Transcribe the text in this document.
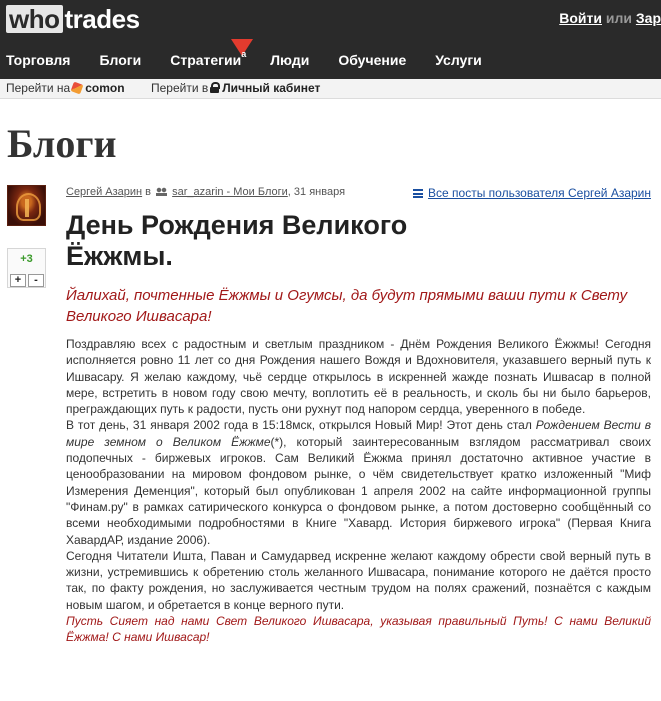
who trades	Войти или Зар
Торговля	Блоги	Стратегии a	Люди	Обучение	Услуги
Перейти на comon Перейти в Личный кабинет
Блоги
+3
+	-
Сергей Азарин в sar_azarin - Мои Блоги, 31 января	Все посты пользователя Сергей Азарин
День Рождения Великого Ёжжмы.
Йалихай, почтенные Ёжжмы и Огумсы, да будут прямыми ваши пути к Свету Великого Ишвасара!

Поздравляю всех с радостным и светлым праздником - Днём Рождения Великого Ёжжмы! Сегодня исполняется ровно 11 лет со дня Рождения нашего Вождя и Вдохновителя, указавшего верный путь к Ишвасару. Я желаю каждому, чьё сердце открылось в искренней жажде познать Ишвасар в полной мере, встретить в новом году свою мечту, воплотить её в реальность, и сколь бы ни было барьеров, преграждающих путь к радости, пусть они рухнут под напором сердца, уверенного в победе.

В тот день, 31 января 2002 года в 15:18мск, открылся Новый Мир! Этот день стал Рождением Вести в мире земном о Великом Ёжжме(*), который заинтересованным взглядом рассматривал своих подопечных - биржевых игроков. Сам Великий Ёжжма принял достаточно активное участие в ценообразовании на мировом фондовом рынке, о чём свидетельствует кратко изложенный "Миф Измерения Деменция", который был опубликован 1 апреля 2002 на сайте информационной группы "Финам.ру" в рамках сатирического конкурса о фондовом рынке, а потом достоверно сообщённый со всеми необходимыми подробностями в Книге "Хавард. История биржевого игрока" (Первая Книга ХавардАР, издание 2006).

Сегодня Читатели Ишта, Паван и Самударвед искренне желают каждому обрести свой верный путь в жизни, устремившись к обретению столь желанного Ишвасара, понимание которого не даётся просто так, по факту рождения, но заслуживается честным трудом на полях сражений, познаётся с каждым новым шагом, и обретается в конце верного пути.

Пусть Сияет над нами Свет Великого Ишвасара, указывая правильный Путь! С нами Великий Ёжжма! С нами Ишвасар!
